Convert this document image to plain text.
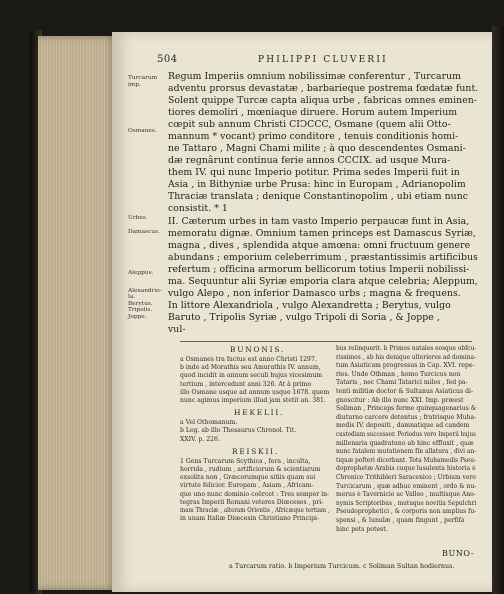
504	PHILIPPI CLUVERII

Turcarum

imp.

Osmanes.

Urbes.

Damascus.

Aleppus.

Alexandrio-

la.

Berytus.

Tripolis.

Joppe.

Regum Imperiis omnium nobilissimæ conferentur , Turcarum

adventu prorsus devastatæ , barbarieque postrema fœdatæ funt.

Solent quippe Turcæ capta aliqua urbe , fabricas omnes eminen-

tiores demoliri , mœniaque diruere. Horum autem Imperium

cœpit sub annum Christi CIↃCCC, Osmane (quem alii Otto-

mannum * vocant) primo conditore , tenuis conditionis homi-

ne Tattaro , Magni Chami milite ; à quo descendentes Osmani-

dæ regnârunt continua ferie annos CCCIX. ad usque Mura-

them IV. qui nunc Imperio potitur. Prima sedes Imperii fuit in

Asia , in Bithyniæ urbe Prusa: hinc in Europam , Adrianopolim

Thraciæ translata ; denique Constantinopolim , ubi etiam nunc

consistit. * 1

II. Cæterum urbes in tam vasto Imperio perpaucæ funt in Asia,

memoratu dignæ. Omnium tamen princeps est Damascus Syriæ,

magna , dives , splendida atque amœna: omni fructuum genere

abundans ; emporium celeberrimum , præstantissimis artificibus

refertum ; officina armorum bellicorum totius Imperii nobilissi-

ma. Sequuntur alii Syriæ emporia clara atque celebria; Aleppum,

vulgo Alepo , non inferior Damasco urbs ; magna & frequens.

In littore Alexandriola , vulgo Alexandretta ; Berytus, vulgo

Baruto , Tripolis Syriæ , vulgo Tripoli di Soria , & Joppe ,

vul-

BUNONIS.

a Osmanes tra factus est anno Christi 1297.

b inde ad Morathis seu Amurathis IV. annum,

quod incidit in annum seculi hujus vicesimum

tertium , intercedunt anni 326. At à primo

illo Osmane usque ad annum usque 1678. quem

nunc agimus imperium illud jam stetit an. 381.

HEKELII.

a Vel Othomanum.

b Leg. ab illo Thesaurus Chronol. Tit.

XXIV. p. 226.

REISKII.

1 Gens Turcarum Scythica , fera , inculta,

horrida , rudium , artificiorum & scientiarum

exsolita non , Græcorumque sitiis quam sui

virtute felicior. Europam , Asiam , Africam-

que uno nunc dominio coërcet : Tres semper in-

tegras Imperii Romani veteres Diœceses , pri-

mam Thraciæ , alteram Orientis , Africæque tertiam ,

in unam Italiæ Diœcesin Christiano Principi-

bus relinquerit. b Primos natales eosque obfcu-

rissimos , ab his denique ulteriores ad domina-

tum Asiaticum progressus in Cap. XVI. repe-

ries. Unde Othman , homo Turcicus non

Tataris , nec Chami Tatarici miles , fed pa-

tenti militiæ doctor & Sultanus Asiaticus di-

gnoscitur : Ab illo nunc XXI. Imp. præest

Soliman , Princeps ferme quinquagenarius &

diuturno carcere detentus ; fratrisque Muha-

medis IV. depositi , damnatique ad candem

custodiam successor. Periodus vero Imperii hujus

millenaria quadratuno ab hinc effluxit , quæ

nunc fatalem mutationem fin allatura , divi an-

tiquæ pofteri dicerbant. Tota Muhamedis Pseu-

doprophetæ Arabis cuque lusulenta historia è

Chronico Trithibleri Saracenico ; Urbium vero

Turcicarum , quæ adhuc eminent , ordo & nu-

merus è Tavernicio ac Valleo , multisque Ano-

nymis Scriptoribus , mutuque novitia Sepulchri

Pseudoprophetici , & corporis non amplius fu-

spensi , & lunulæ , quam fingunt , perfifa

hinc pets potest.

BUNO-

a Turcarum ratio. b Imperium Turcicum. c Soliman Sultan hodiernus.
